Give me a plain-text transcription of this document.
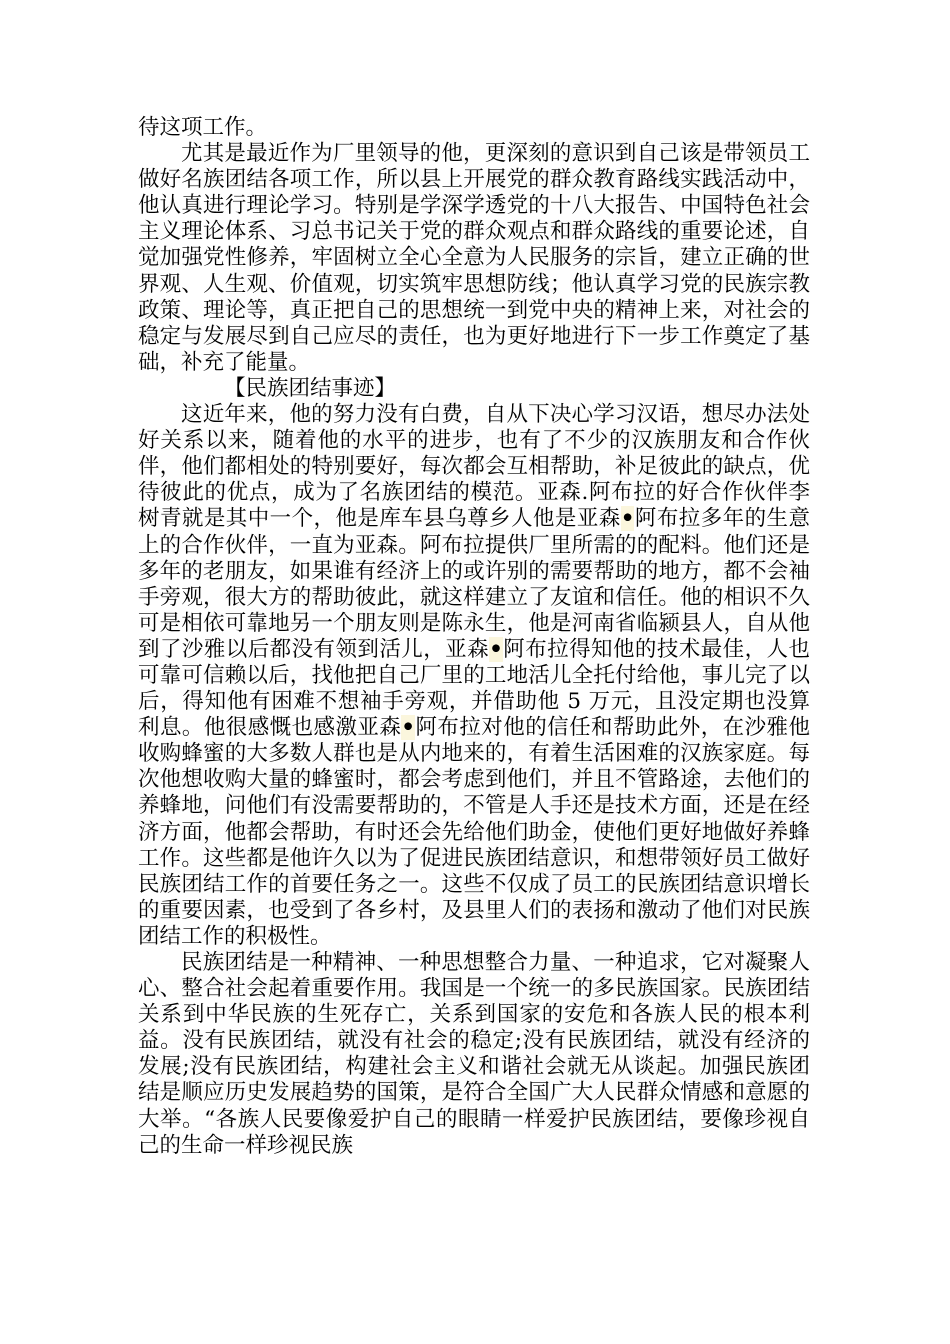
待这项工作。

尤其是最近作为厂里领导的他，更深刻的意识到自己该是带领员工做好名族团结各项工作，所以县上开展党的群众教育路线实践活动中，他认真进行理论学习。特别是学深学透党的十八大报告、中国特色社会主义理论体系、习总书记关于党的群众观点和群众路线的重要论述，自觉加强党性修养，牢固树立全心全意为人民服务的宗旨，建立正确的世界观、人生观、价值观，切实筑牢思想防线；他认真学习党的民族宗教政策、理论等，真正把自己的思想统一到党中央的精神上来，对社会的稳定与发展尽到自己应尽的责任，也为更好地进行下一步工作奠定了基础，补充了能量。

【民族团结事迹】

这近年来，他的努力没有白费，自从下决心学习汉语，想尽办法处好关系以来，随着他的水平的进步，也有了不少的汉族朋友和合作伙伴，他们都相处的特别要好，每次都会互相帮助，补足彼此的缺点，优待彼此的优点，成为了名族团结的模范。亚森.阿布拉的好合作伙伴李树青就是其中一个，他是库车县乌尊乡人他是亚森•阿布拉多年的生意上的合作伙伴，一直为亚森。阿布拉提供厂里所需的的配料。他们还是多年的老朋友，如果谁有经济上的或许别的需要帮助的地方，都不会袖手旁观，很大方的帮助彼此，就这样建立了友谊和信任。他的相识不久可是相依可靠地另一个朋友则是陈永生，他是河南省临颍县人，自从他到了沙雅以后都没有领到活儿，亚森•阿布拉得知他的技术最佳，人也可靠可信赖以后，找他把自己厂里的工地活儿全托付给他，事儿完了以后，得知他有困难不想袖手旁观，并借助他 5 万元，且没定期也没算利息。他很感慨也感激亚森•阿布拉对他的信任和帮助此外，在沙雅他收购蜂蜜的大多数人群也是从内地来的，有着生活困难的汉族家庭。每次他想收购大量的蜂蜜时，都会考虑到他们，并且不管路途，去他们的养蜂地，问他们有没需要帮助的，不管是人手还是技术方面，还是在经济方面，他都会帮助，有时还会先给他们助金，使他们更好地做好养蜂工作。这些都是他许久以为了促进民族团结意识，和想带领好员工做好民族团结工作的首要任务之一。这些不仅成了员工的民族团结意识增长的重要因素，也受到了各乡村，及县里人们的表扬和激动了他们对民族团结工作的积极性。

民族团结是一种精神、一种思想整合力量、一种追求，它对凝聚人心、整合社会起着重要作用。我国是一个统一的多民族国家。民族团结关系到中华民族的生死存亡，关系到国家的安危和各族人民的根本利益。没有民族团结，就没有社会的稳定;没有民族团结，就没有经济的发展;没有民族团结，构建社会主义和谐社会就无从谈起。加强民族团结是顺应历史发展趋势的国策，是符合全国广大人民群众情感和意愿的大举。“各族人民要像爱护自己的眼睛一样爱护民族团结，要像珍视自己的生命一样珍视民族
